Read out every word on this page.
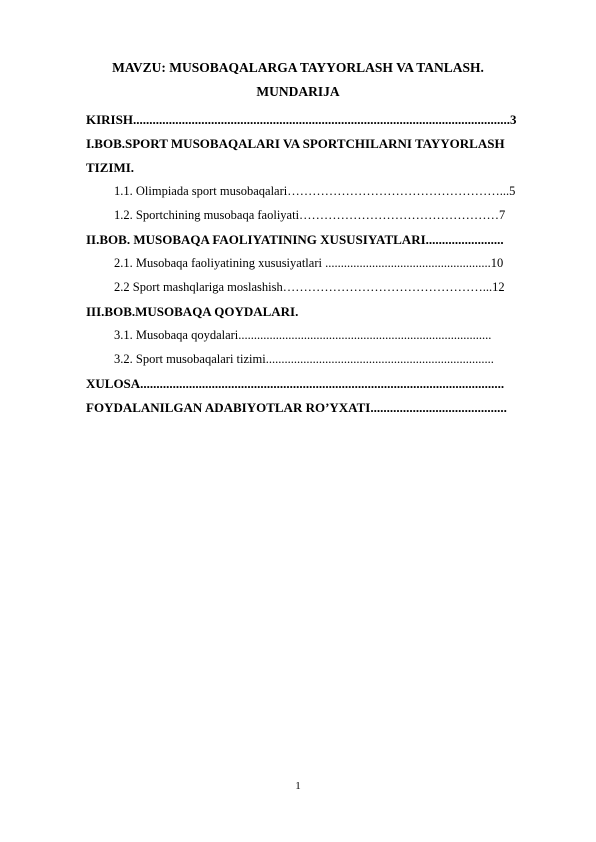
MAVZU: MUSOBAQALARGA TAYYORLASH VA TANLASH.
MUNDARIJA
KIRISH....................................................................................................................3
I.BOB.SPORT MUSOBAQALARI VA SPORTCHILARNI TAYYORLASH
TIZIMI.
1.1. Olimpiada sport musobaqalari……………………………………………...5
1.2. Sportchining musobaqa faoliyati…………………………………………7
II.BOB. MUSOBAQA FAOLIYATINING XUSUSIYATLARI........................
2.1. Musobaqa faoliyatining xususiyatlari .....................................................10
2.2 Sport mashqlariga moslashish…………………………………………...12
III.BOB.MUSOBAQA QOYDALARI.
3.1. Musobaqa qoydalari.................................................................................
3.2. Sport musobaqalari tizimi.........................................................................
XULOSA................................................................................................................
FOYDALANILGAN ADABIYOTLAR RO’YXATI..........................................
1
